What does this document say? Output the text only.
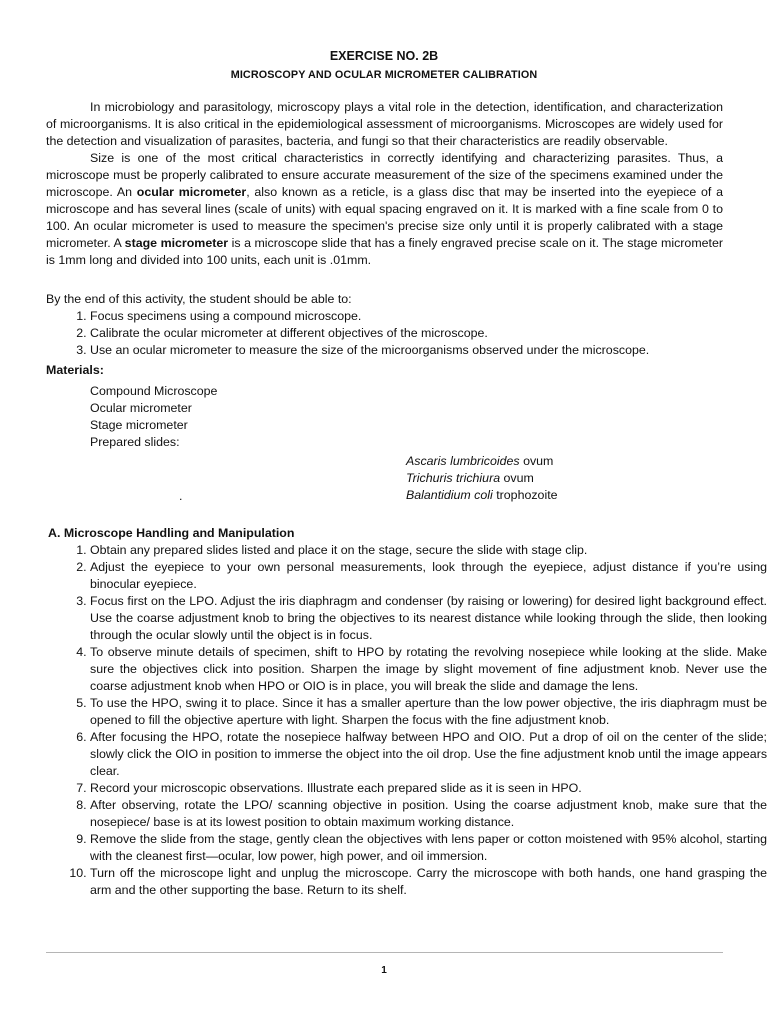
EXERCISE NO. 2B
MICROSCOPY AND OCULAR MICROMETER CALIBRATION

In microbiology and parasitology, microscopy plays a vital role in the detection, identification, and characterization of microorganisms. It is also critical in the epidemiological assessment of microorganisms. Microscopes are widely used for the detection and visualization of parasites, bacteria, and fungi so that their characteristics are readily observable.

Size is one of the most critical characteristics in correctly identifying and characterizing parasites. Thus, a microscope must be properly calibrated to ensure accurate measurement of the size of the specimens examined under the microscope. An ocular micrometer, also known as a reticle, is a glass disc that may be inserted into the eyepiece of a microscope and has several lines (scale of units) with equal spacing engraved on it. It is marked with a fine scale from 0 to 100. An ocular micrometer is used to measure the specimen's precise size only until it is properly calibrated with a stage micrometer. A stage micrometer is a microscope slide that has a finely engraved precise scale on it. The stage micrometer is 1mm long and divided into 100 units, each unit is .01mm.

By the end of this activity, the student should be able to:

1. Focus specimens using a compound microscope.
2. Calibrate the ocular micrometer at different objectives of the microscope.
3. Use an ocular micrometer to measure the size of the microorganisms observed under the microscope.

Materials:

Compound Microscope
Ocular micrometer
Stage micrometer
Prepared slides:
Ascaris lumbricoides ovum
Trichuris trichiura ovum
Balantidium coli trophozoite
.

A. Microscope Handling and Manipulation

1. Obtain any prepared slides listed and place it on the stage, secure the slide with stage clip.
2. Adjust the eyepiece to your own personal measurements, look through the eyepiece, adjust distance if you’re using binocular eyepiece.
3. Focus first on the LPO. Adjust the iris diaphragm and condenser (by raising or lowering) for desired light background effect. Use the coarse adjustment knob to bring the objectives to its nearest distance while looking through the slide, then looking through the ocular slowly until the object is in focus.
4. To observe minute details of specimen, shift to HPO by rotating the revolving nosepiece while looking at the slide. Make sure the objectives click into position. Sharpen the image by slight movement of fine adjustment knob. Never use the coarse adjustment knob when HPO or OIO is in place, you will break the slide and damage the lens.
5. To use the HPO, swing it to place. Since it has a smaller aperture than the low power objective, the iris diaphragm must be opened to fill the objective aperture with light. Sharpen the focus with the fine adjustment knob.
6. After focusing the HPO, rotate the nosepiece halfway between HPO and OIO. Put a drop of oil on the center of the slide; slowly click the OIO in position to immerse the object into the oil drop. Use the fine adjustment knob until the image appears clear.
7. Record your microscopic observations. Illustrate each prepared slide as it is seen in HPO.
8. After observing, rotate the LPO/ scanning objective in position. Using the coarse adjustment knob, make sure that the nosepiece/ base is at its lowest position to obtain maximum working distance.
9. Remove the slide from the stage, gently clean the objectives with lens paper or cotton moistened with 95% alcohol, starting with the cleanest first—ocular, low power, high power, and oil immersion.
10. Turn off the microscope light and unplug the microscope. Carry the microscope with both hands, one hand grasping the arm and the other supporting the base. Return to its shelf.
1
